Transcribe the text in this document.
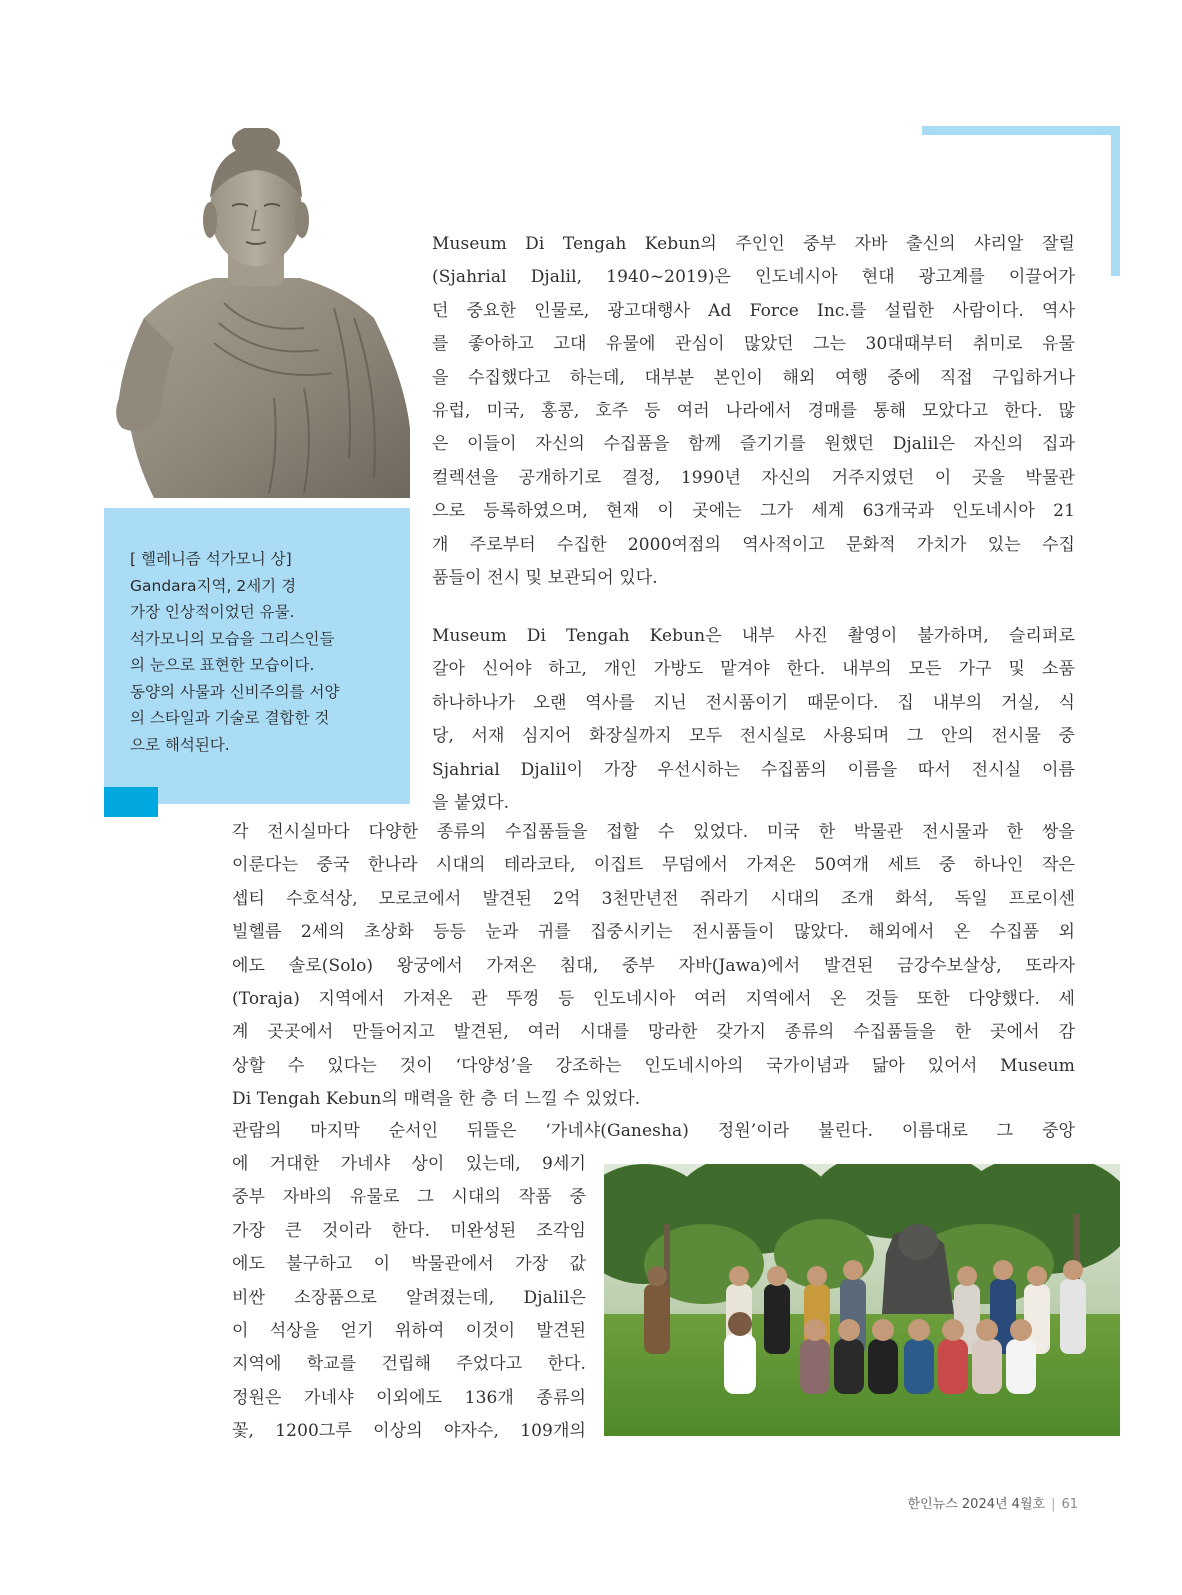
[ 헬레니즘 석가모니 상]
Gandara지역, 2세기 경
가장 인상적이었던 유물.
석가모니의 모습을 그리스인들
의 눈으로 표현한 모습이다.
동양의 사물과 신비주의를 서양
의 스타일과 기술로 결합한 것
으로 해석된다.
Museum Di Tengah Kebun의 주인인 중부 자바 출신의 샤리알 잘릴
(Sjahrial Djalil, 1940~2019)은 인도네시아 현대 광고계를 이끌어가
던 중요한 인물로, 광고대행사 Ad Force Inc.를 설립한 사람이다. 역사
를 좋아하고 고대 유물에 관심이 많았던 그는 30대때부터 취미로 유물
을 수집했다고 하는데, 대부분 본인이 해외 여행 중에 직접 구입하거나
유럽, 미국, 홍콩, 호주 등 여러 나라에서 경매를 통해 모았다고 한다. 많
은 이들이 자신의 수집품을 함께 즐기기를 원했던 Djalil은 자신의 집과
컬렉션을 공개하기로 결정, 1990년 자신의 거주지였던 이 곳을 박물관
으로 등록하였으며, 현재 이 곳에는 그가 세계 63개국과 인도네시아 21
개 주로부터 수집한 2000여점의 역사적이고 문화적 가치가 있는 수집
품들이 전시 및 보관되어 있다.
Museum Di Tengah Kebun은 내부 사진 촬영이 불가하며, 슬리퍼로
갈아 신어야 하고, 개인 가방도 맡겨야 한다. 내부의 모든 가구 및 소품
하나하나가 오랜 역사를 지닌 전시품이기 때문이다. 집 내부의 거실, 식
당, 서재 심지어 화장실까지 모두 전시실로 사용되며 그 안의 전시물 중
Sjahrial Djalil이 가장 우선시하는 수집품의 이름을 따서 전시실 이름
을 붙였다.
각 전시실마다 다양한 종류의 수집품들을 접할 수 있었다. 미국 한 박물관 전시물과 한 쌍을
이룬다는 중국 한나라 시대의 테라코타, 이집트 무덤에서 가져온 50여개 세트 중 하나인 작은
셉티 수호석상, 모로코에서 발견된 2억 3천만년전 쥐라기 시대의 조개 화석, 독일 프로이센
빌헬름 2세의 초상화 등등 눈과 귀를 집중시키는 전시품들이 많았다. 해외에서 온 수집품 외
에도 솔로(Solo) 왕궁에서 가져온 침대, 중부 자바(Jawa)에서 발견된 금강수보살상, 또라자
(Toraja) 지역에서 가져온 관 뚜껑 등 인도네시아 여러 지역에서 온 것들 또한 다양했다. 세
계 곳곳에서 만들어지고 발견된, 여러 시대를 망라한 갖가지 종류의 수집품들을 한 곳에서 감
상할 수 있다는 것이 ‘다양성’을 강조하는 인도네시아의 국가이념과 닮아 있어서 Museum
Di Tengah Kebun의 매력을 한 층 더 느낄 수 있었다.
관람의 마지막 순서인 뒤뜰은 ‘가네샤(Ganesha) 정원’이라 불린다. 이름대로 그 중앙
에 거대한 가네샤 상이 있는데, 9세기
중부 자바의 유물로 그 시대의 작품 중
가장 큰 것이라 한다. 미완성된 조각임
에도 불구하고 이 박물관에서 가장 값
비싼 소장품으로 알려졌는데, Djalil은
이 석상을 얻기 위하여 이것이 발견된
지역에 학교를 건립해 주었다고 한다.
정원은 가네샤 이외에도 136개 종류의
꽃, 1200그루 이상의 야자수, 109개의
한인뉴스 2024년 4월호 | 61
